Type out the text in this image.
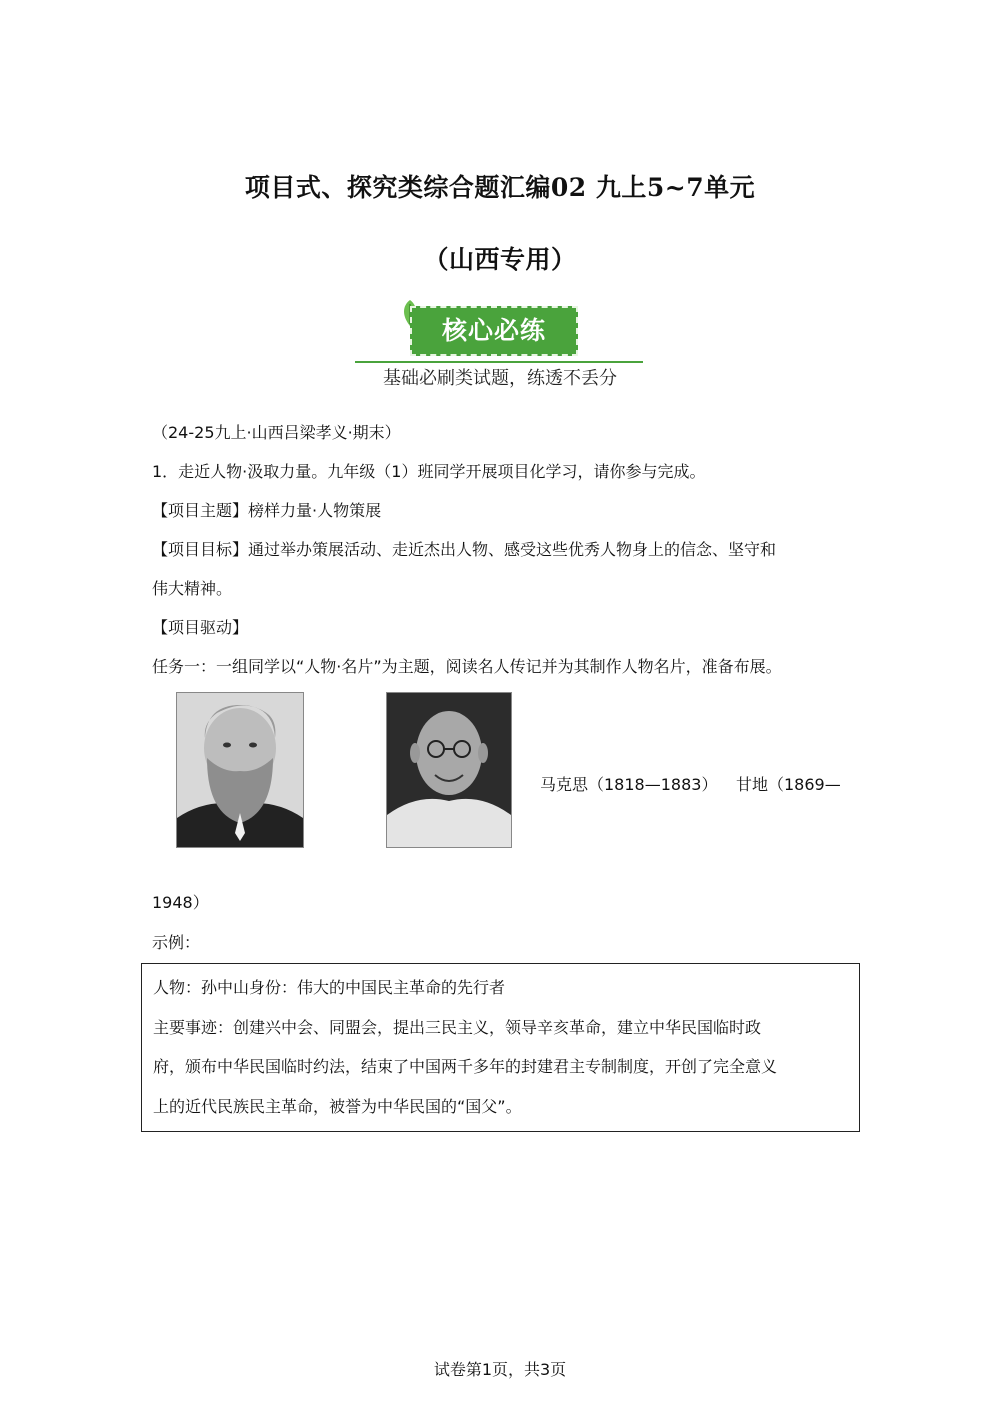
项目式、探究类综合题汇编02 九上5~7单元
（山西专用）
核心必练
基础必刷类试题，练透不丢分
（24-25九上·山西吕梁孝义·期末）
1．走近人物·汲取力量。九年级（1）班同学开展项目化学习，请你参与完成。
【项目主题】榜样力量·人物策展
【项目目标】通过举办策展活动、走近杰出人物、感受这些优秀人物身上的信念、坚守和
伟大精神。
【项目驱动】
任务一：一组同学以“人物·名片”为主题，阅读名人传记并为其制作人物名片，准备布展。
马克思（1818—1883） 甘地（1869—
1948）
示例：
人物：孙中山身份：伟大的中国民主革命的先行者
主要事迹：创建兴中会、同盟会，提出三民主义，领导辛亥革命，建立中华民国临时政
府，颁布中华民国临时约法，结束了中国两千多年的封建君主专制制度，开创了完全意义
上的近代民族民主革命，被誉为中华民国的“国父”。
试卷第1页，共3页
